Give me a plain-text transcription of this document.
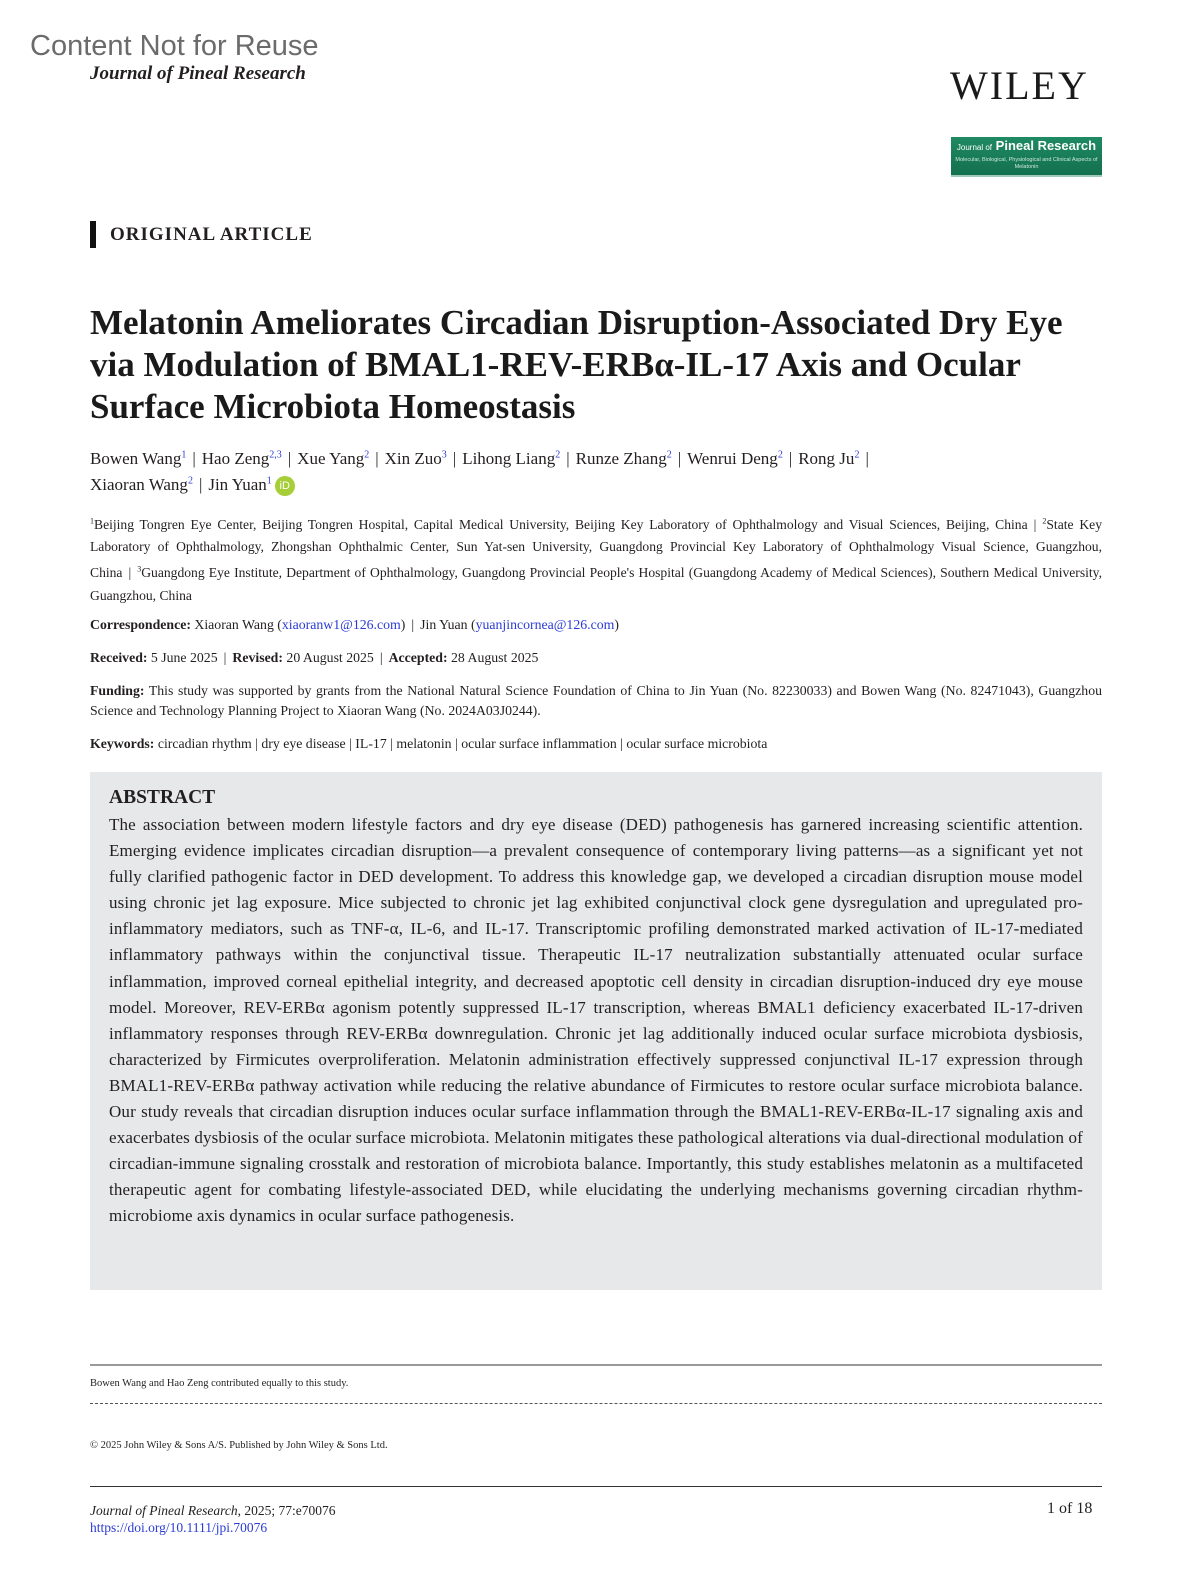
Content Not for Reuse
Journal of Pineal Research	WILEY
Journal of Pineal Research
Molecular, Biological, Physiological and Clinical Aspects of Melatonin
ORIGINAL ARTICLE
Melatonin Ameliorates Circadian Disruption-Associated Dry Eye via Modulation of BMAL1-REV-ERBα-IL-17 Axis and Ocular Surface Microbiota Homeostasis
Bowen Wang$^1$ | Hao Zeng$^{2,3}$ | Xue Yang$^2$ | Xin Zuo$^3$ | Lihong Liang$^2$ | Runze Zhang$^2$ | Wenrui Deng$^2$ | Rong Ju$^2$ |
Xiaoran Wang$^2$ | Jin Yuan$^1$ iD
$^1$Beijing Tongren Eye Center, Beijing Tongren Hospital, Capital Medical University, Beijing Key Laboratory of Ophthalmology and Visual Sciences, Beijing, China | $^2$State Key Laboratory of Ophthalmology, Zhongshan Ophthalmic Center, Sun Yat-sen University, Guangdong Provincial Key Laboratory of Ophthalmology Visual Science, Guangzhou, China | $^3$Guangdong Eye Institute, Department of Ophthalmology, Guangdong Provincial People's Hospital (Guangdong Academy of Medical Sciences), Southern Medical University, Guangzhou, China
Correspondence: Xiaoran Wang (xiaoranw1@126.com) | Jin Yuan (yuanjincornea@126.com)
Received: 5 June 2025 | Revised: 20 August 2025 | Accepted: 28 August 2025
Funding: This study was supported by grants from the National Natural Science Foundation of China to Jin Yuan (No. 82230033) and Bowen Wang (No. 82471043), Guangzhou Science and Technology Planning Project to Xiaoran Wang (No. 2024A03J0244).
Keywords: circadian rhythm | dry eye disease | IL-17 | melatonin | ocular surface inflammation | ocular surface microbiota
ABSTRACT

The association between modern lifestyle factors and dry eye disease (DED) pathogenesis has garnered increasing scientific attention. Emerging evidence implicates circadian disruption—a prevalent consequence of contemporary living patterns—as a significant yet not fully clarified pathogenic factor in DED development. To address this knowledge gap, we developed a circadian disruption mouse model using chronic jet lag exposure. Mice subjected to chronic jet lag exhibited conjunctival clock gene dysregulation and upregulated pro-inflammatory mediators, such as TNF-α, IL-6, and IL-17. Transcriptomic profiling demonstrated marked activation of IL-17-mediated inflammatory pathways within the conjunctival tissue. Therapeutic IL-17 neutralization substantially attenuated ocular surface inflammation, improved corneal epithelial integrity, and decreased apoptotic cell density in circadian disruption-induced dry eye mouse model. Moreover, REV-ERBα agonism potently suppressed IL-17 transcription, whereas BMAL1 deficiency exacerbated IL-17-driven inflammatory responses through REV-ERBα downregulation. Chronic jet lag additionally induced ocular surface microbiota dysbiosis, characterized by Firmicutes overproliferation. Melatonin administration effectively suppressed conjunctival IL-17 expression through BMAL1-REV-ERBα pathway activation while reducing the relative abundance of Firmicutes to restore ocular surface microbiota balance. Our study reveals that circadian disruption induces ocular surface inflammation through the BMAL1-REV-ERBα-IL-17 signaling axis and exacerbates dysbiosis of the ocular surface microbiota. Melatonin mitigates these pathological alterations via dual-directional modulation of circadian-immune signaling crosstalk and restoration of microbiota balance. Importantly, this study establishes melatonin as a multifaceted therapeutic agent for combating lifestyle-associated DED, while elucidating the underlying mechanisms governing circadian rhythm-microbiome axis dynamics in ocular surface pathogenesis.

Bowen Wang and Hao Zeng contributed equally to this study.
© 2025 John Wiley & Sons A/S. Published by John Wiley & Sons Ltd.
Journal of Pineal Research, 2025; 77:e70076
https://doi.org/10.1111/jpi.70076
1 of 18
